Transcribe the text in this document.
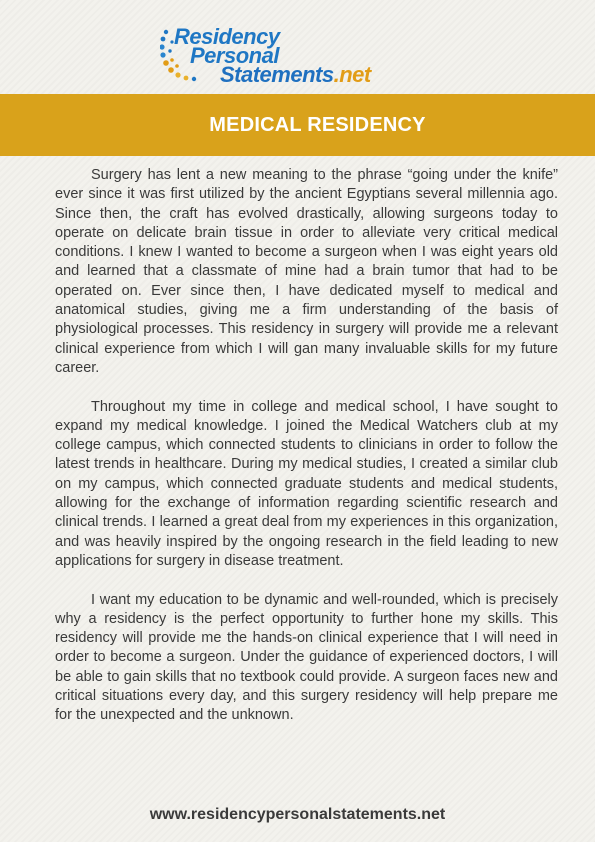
Residency
Personal
Statements.net
MEDICAL RESIDENCY

Surgery has lent a new meaning to the phrase “going under the knife” ever since it was first utilized by the ancient Egyptians several millennia ago. Since then, the craft has evolved drastically, allowing surgeons today to operate on delicate brain tissue in order to alleviate very critical medical conditions. I knew I wanted to become a surgeon when I was eight years old and learned that a classmate of mine had a brain tumor that had to be operated on. Ever since then, I have dedicated myself to medical and anatomical studies, giving me a firm understanding of the basis of physiological processes. This residency in surgery will provide me a relevant clinical experience from which I will gan many invaluable skills for my future career.

Throughout my time in college and medical school, I have sought to expand my medical knowledge. I joined the Medical Watchers club at my college campus, which connected students to clinicians in order to follow the latest trends in healthcare. During my medical studies, I created a similar club on my campus, which connected graduate students and medical students, allowing for the exchange of information regarding scientific research and clinical trends. I learned a great deal from my experiences in this organization, and was heavily inspired by the ongoing research in the field leading to new applications for surgery in disease treatment.

I want my education to be dynamic and well-rounded, which is precisely why a residency is the perfect opportunity to further hone my skills. This residency will provide me the hands-on clinical experience that I will need in order to become a surgeon. Under the guidance of experienced doctors, I will be able to gain skills that no textbook could provide. A surgeon faces new and critical situations every day, and this surgery residency will help prepare me for the unexpected and the unknown.

www.residencypersonalstatements.net
